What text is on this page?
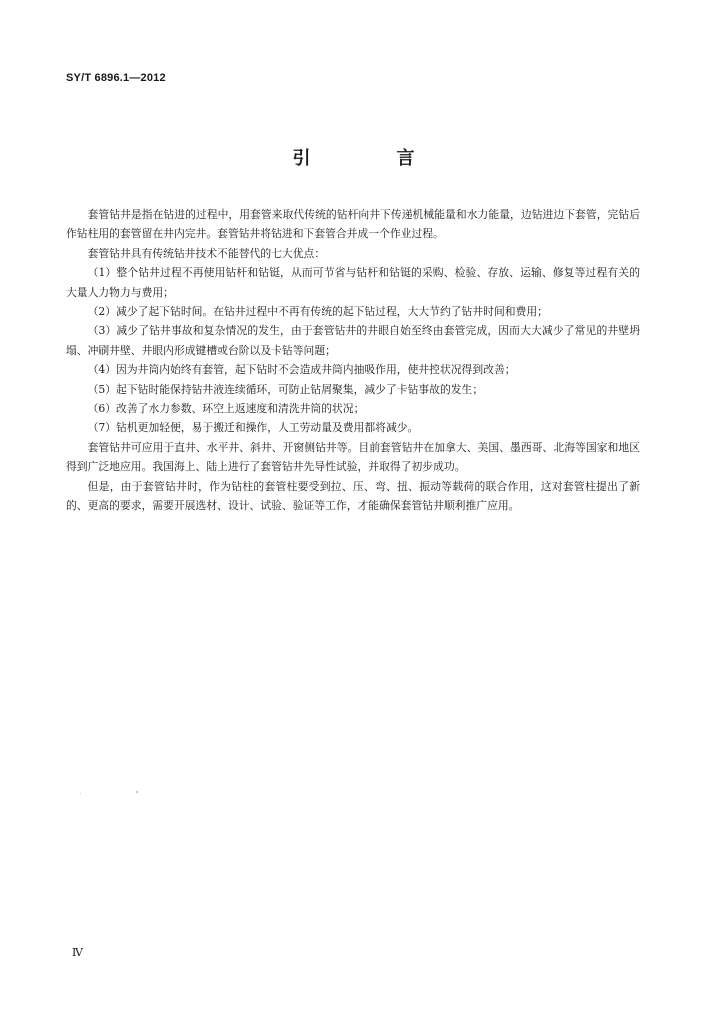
SY/T 6896.1—2012
引　言

套管钻井是指在钻进的过程中，用套管来取代传统的钻杆向井下传递机械能量和水力能量，边钻进边下套管，完钻后作钻柱用的套管留在井内完井。套管钻井将钻进和下套管合并成一个作业过程。

套管钻井具有传统钻井技术不能替代的七大优点：

（1）整个钻井过程不再使用钻杆和钻铤，从而可节省与钻杆和钻铤的采购、检验、存放、运输、修复等过程有关的大量人力物力与费用；

（2）减少了起下钻时间。在钻井过程中不再有传统的起下钻过程，大大节约了钻井时间和费用；

（3）减少了钻井事故和复杂情况的发生，由于套管钻井的井眼自始至终由套管完成，因而大大减少了常见的井壁坍塌、冲刷井壁、井眼内形成键槽或台阶以及卡钻等问题；

（4）因为井筒内始终有套管，起下钻时不会造成井筒内抽吸作用，使井控状况得到改善；

（5）起下钻时能保持钻井液连续循环，可防止钻屑聚集，减少了卡钻事故的发生；

（6）改善了水力参数、环空上返速度和清洗井筒的状况；

（7）钻机更加轻便，易于搬迁和操作，人工劳动量及费用都将减少。

套管钻井可应用于直井、水平井、斜井、开窗侧钻井等。目前套管钻井在加拿大、美国、墨西哥、北海等国家和地区得到广泛地应用。我国海上、陆上进行了套管钻井先导性试验，并取得了初步成功。

但是，由于套管钻井时，作为钻柱的套管柱要受到拉、压、弯、扭、振动等载荷的联合作用，这对套管柱提出了新的、更高的要求，需要开展选材、设计、试验、验证等工作，才能确保套管钻井顺利推广应用。

Ⅳ
